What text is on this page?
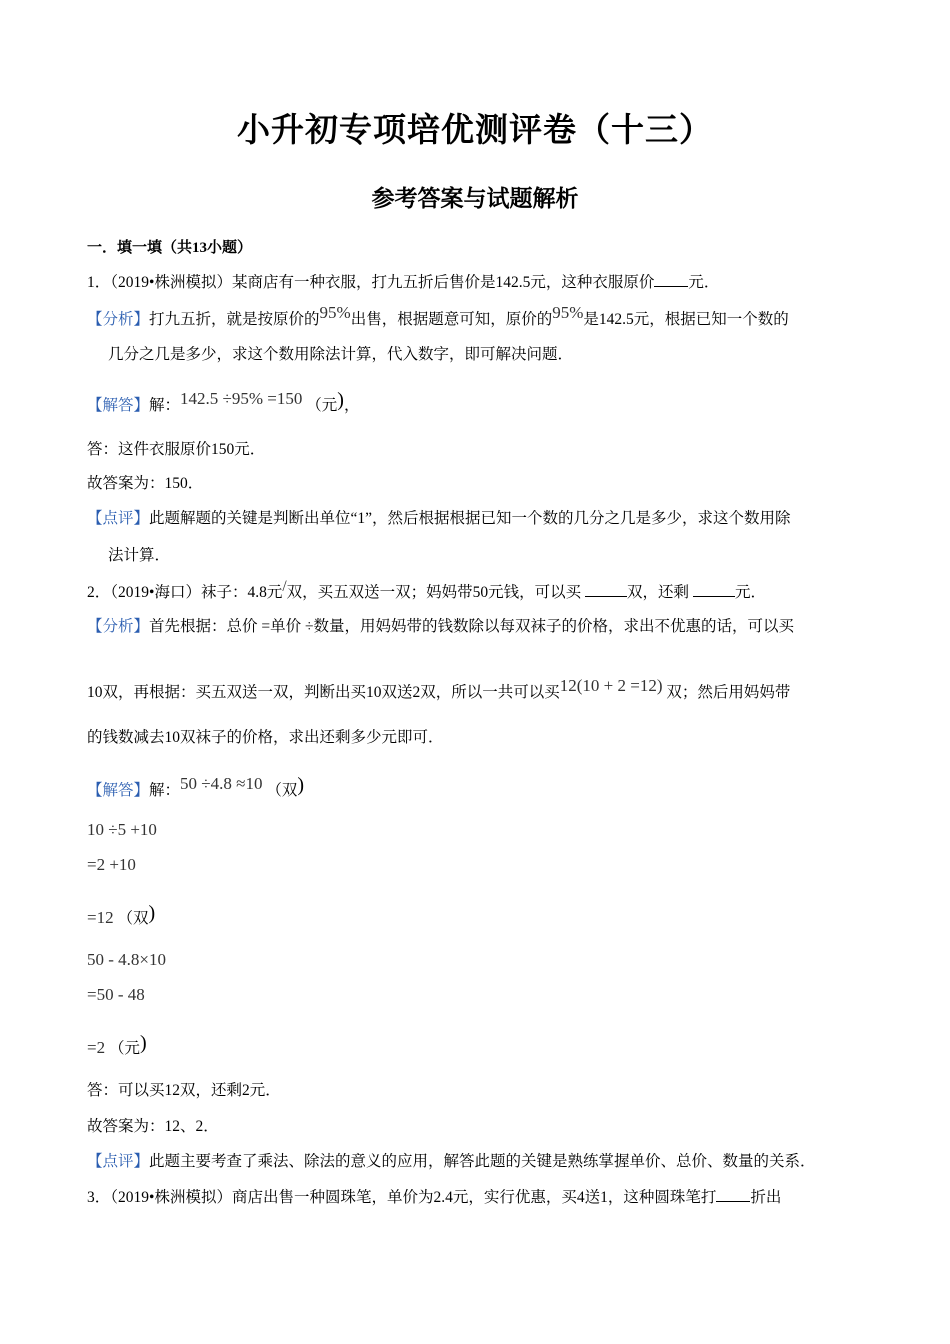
小升初专项培优测评卷（十三）
参考答案与试题解析
一．填一填（共13小题）
1．（2019•株洲模拟）某商店有一种衣服，打九五折后售价是142.5元，这种衣服原价 元．
【分析】打九五折，就是按原价的95%出售，根据题意可知，原价的95%是142.5元，根据已知一个数的
几分之几是多少，求这个数用除法计算，代入数字，即可解决问题．
【解答】解：142.5 ÷95% =150 （元)，
答：这件衣服原价150元．
故答案为：150．
【点评】此题解题的关键是判断出单位“1”，然后根据根据已知一个数的几分之几是多少，求这个数用除
法计算．
2．（2019•海口）袜子：4.8元/双，买五双送一双；妈妈带50元钱，可以买	双，还剩	元．
【分析】首先根据：总价 =单价 ÷数量，用妈妈带的钱数除以每双袜子的价格，求出不优惠的话，可以买
10双，再根据：买五双送一双，判断出买10双送2双，所以一共可以买12(10 + 2 =12) 双；然后用妈妈带
的钱数减去10双袜子的价格，求出还剩多少元即可．
【解答】解：50 ÷4.8 ≈10 （双)
10 ÷5 +10
=2 +10
=12 （双)
50 - 4.8×10
=50 - 48
=2 （元)
答：可以买12双，还剩2元．
故答案为：12、2．
【点评】此题主要考查了乘法、除法的意义的应用，解答此题的关键是熟练掌握单价、总价、数量的关系．
3．（2019•株洲模拟）商店出售一种圆珠笔，单价为2.4元，实行优惠，买4送1，这种圆珠笔打 折出
